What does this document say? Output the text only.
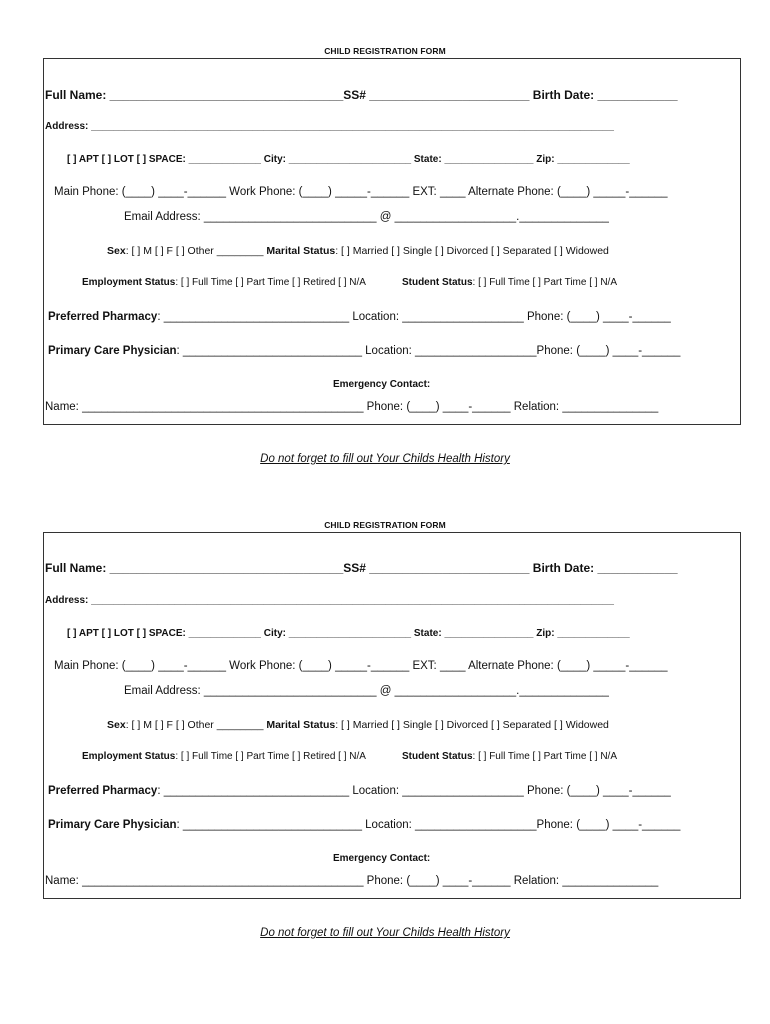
CHILD REGISTRATION FORM
Full Name: ___________________________________SS# ________________________ Birth Date: ____________
Address: ______________________________________________________________________________________________
[ ] APT [ ] LOT [ ] SPACE: _____________ City: ______________________ State: ________________ Zip: _____________
Main Phone: (____) ____-______ Work Phone: (____) _____-______ EXT: ____ Alternate Phone: (____) _____-______
Email Address: ___________________________ @ ___________________.______________
Sex: [ ] M [ ] F [ ] Other ________ Marital Status: [ ] Married [ ] Single [ ] Divorced [ ] Separated [ ] Widowed
Employment Status: [ ] Full Time [ ] Part Time [ ] Retired [ ] N/A	Student Status: [ ] Full Time [ ] Part Time [ ] N/A
Preferred Pharmacy: _____________________________ Location: ___________________ Phone: (____) ____-______
Primary Care Physician: ____________________________ Location: ___________________Phone: (____) ____-______
Emergency Contact:
Name: ____________________________________________ Phone: (____) ____-______ Relation: _______________
Do not forget to fill out Your Childs Health History
CHILD REGISTRATION FORM
Full Name: ___________________________________SS# ________________________ Birth Date: ____________
Address: ______________________________________________________________________________________________
[ ] APT [ ] LOT [ ] SPACE: _____________ City: ______________________ State: ________________ Zip: _____________
Main Phone: (____) ____-______ Work Phone: (____) _____-______ EXT: ____ Alternate Phone: (____) _____-______
Email Address: ___________________________ @ ___________________.______________
Sex: [ ] M [ ] F [ ] Other ________ Marital Status: [ ] Married [ ] Single [ ] Divorced [ ] Separated [ ] Widowed
Employment Status: [ ] Full Time [ ] Part Time [ ] Retired [ ] N/A	Student Status: [ ] Full Time [ ] Part Time [ ] N/A
Preferred Pharmacy: _____________________________ Location: ___________________ Phone: (____) ____-______
Primary Care Physician: ____________________________ Location: ___________________Phone: (____) ____-______
Emergency Contact:
Name: ____________________________________________ Phone: (____) ____-______ Relation: _______________
Do not forget to fill out Your Childs Health History
